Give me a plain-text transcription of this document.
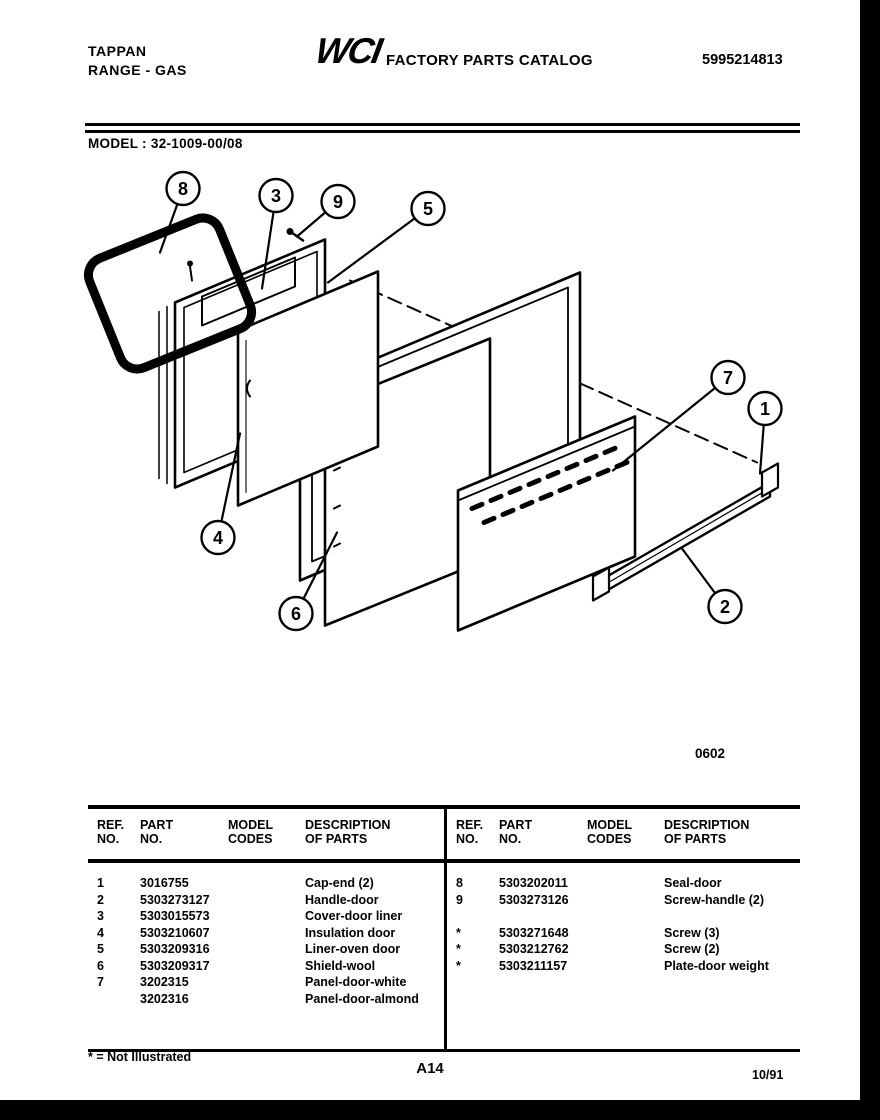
TAPPAN
RANGE - GAS	WCI FACTORY PARTS CATALOG	5995214813
MODEL : 32-1009-00/08
8	3	9	5
7
1
4
6	2
0602
REF.
NO.
PART
NO.
MODEL
CODES
DESCRIPTION
OF PARTS
1	3016755	Cap-end (2)
2	5303273127	Handle-door
3	5303015573	Cover-door liner
4	5303210607	Insulation door
5	5303209316	Liner-oven door
6	5303209317	Shield-wool
7	3202315	Panel-door-white
3202316	Panel-door-almond
REF.
NO.
PART
NO.
MODEL
CODES
DESCRIPTION
OF PARTS
8	5303202011	Seal-door
9	5303273126	Screw-handle (2)
*	5303271648	Screw (3)
*	5303212762	Screw (2)
*	5303211157	Plate-door weight
* = Not Illustrated
A14	10/91
